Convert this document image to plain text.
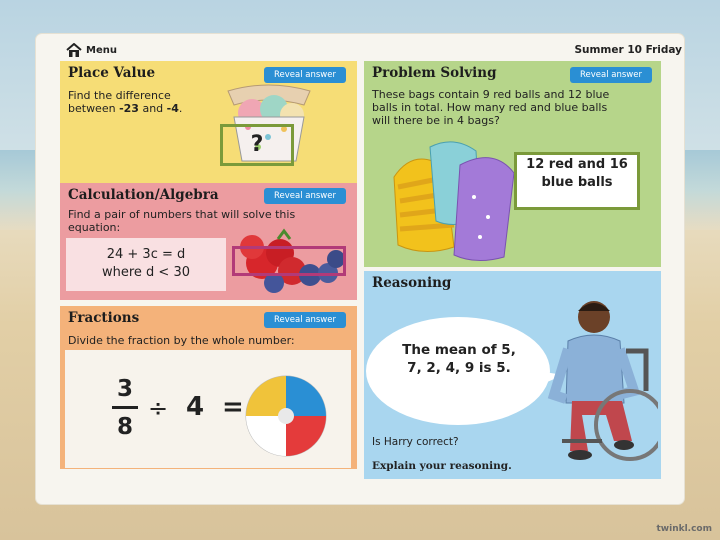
Menu	Summer 10 Friday
Place Value	Reveal answer
Find the difference
between -23 and -4.
?
Calculation/Algebra	Reveal answer
Find a pair of numbers that will solve this
equation:
24 + 3c = d
where d < 30
Fractions	Reveal answer
Divide the fraction by the whole number:
3
8
÷ 4 =
Problem Solving	Reveal answer
These bags contain 9 red balls and 12 blue
balls in total. How many red and blue balls
will there be in 4 bags?
12 red and 16
blue balls
Reasoning
The mean of 5,
7, 2, 4, 9 is 5.
Is Harry correct?
Explain your reasoning.
twinkl.com
